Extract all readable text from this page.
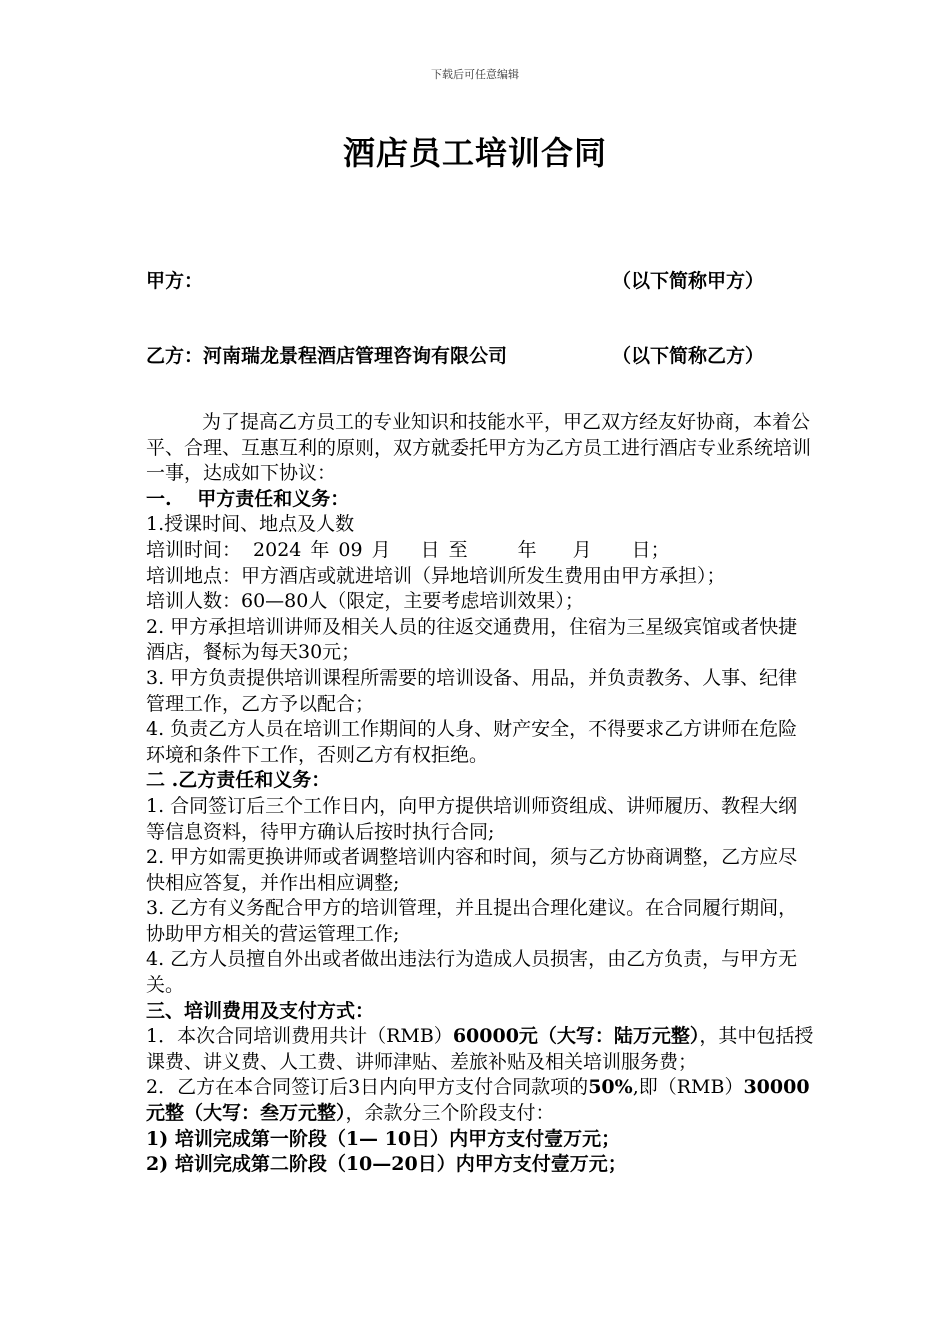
下载后可任意编辑
酒店员工培训合同
甲方：	（以下简称甲方）
乙方：河南瑞龙景程酒店管理咨询有限公司	（以下简称乙方）

为了提高乙方员工的专业知识和技能水平，甲乙双方经友好协商，本着公平、合理、互惠互利的原则，双方就委托甲方为乙方员工进行酒店专业系统培训一事，达成如下协议：

一.　 甲方责任和义务：

1.授课时间、地点及人数

培训时间： 2024 年 09 月 日 至	年 月 日；

培训地点：甲方酒店或就进培训（异地培训所发生费用由甲方承担）；

培训人数：60—80人（限定，主要考虑培训效果）；

2. 甲方承担培训讲师及相关人员的往返交通费用，住宿为三星级宾馆或者快捷酒店，餐标为每天30元；

3. 甲方负责提供培训课程所需要的培训设备、用品，并负责教务、人事、纪律管理工作，乙方予以配合；

4. 负责乙方人员在培训工作期间的人身、财产安全，不得要求乙方讲师在危险环境和条件下工作，否则乙方有权拒绝。

二 .乙方责任和义务：

1. 合同签订后三个工作日内，向甲方提供培训师资组成、讲师履历、教程大纲等信息资料，待甲方确认后按时执行合同;

2. 甲方如需更换讲师或者调整培训内容和时间，须与乙方协商调整，乙方应尽快相应答复，并作出相应调整;

3. 乙方有义务配合甲方的培训管理，并且提出合理化建议。在合同履行期间，协助甲方相关的营运管理工作;

4. 乙方人员擅自外出或者做出违法行为造成人员损害，由乙方负责，与甲方无关。

三、培训费用及支付方式：

1．本次合同培训费用共计（RMB）60000元（大写：陆万元整），其中包括授课费、讲义费、人工费、讲师津贴、差旅补贴及相关培训服务费；

2．乙方在本合同签订后3日内向甲方支付合同款项的50%,即（RMB）30000元整（大写：叁万元整），余款分三个阶段支付：

1) 培训完成第一阶段（1— 10日）内甲方支付壹万元；

2) 培训完成第二阶段（10—20日）内甲方支付壹万元；
